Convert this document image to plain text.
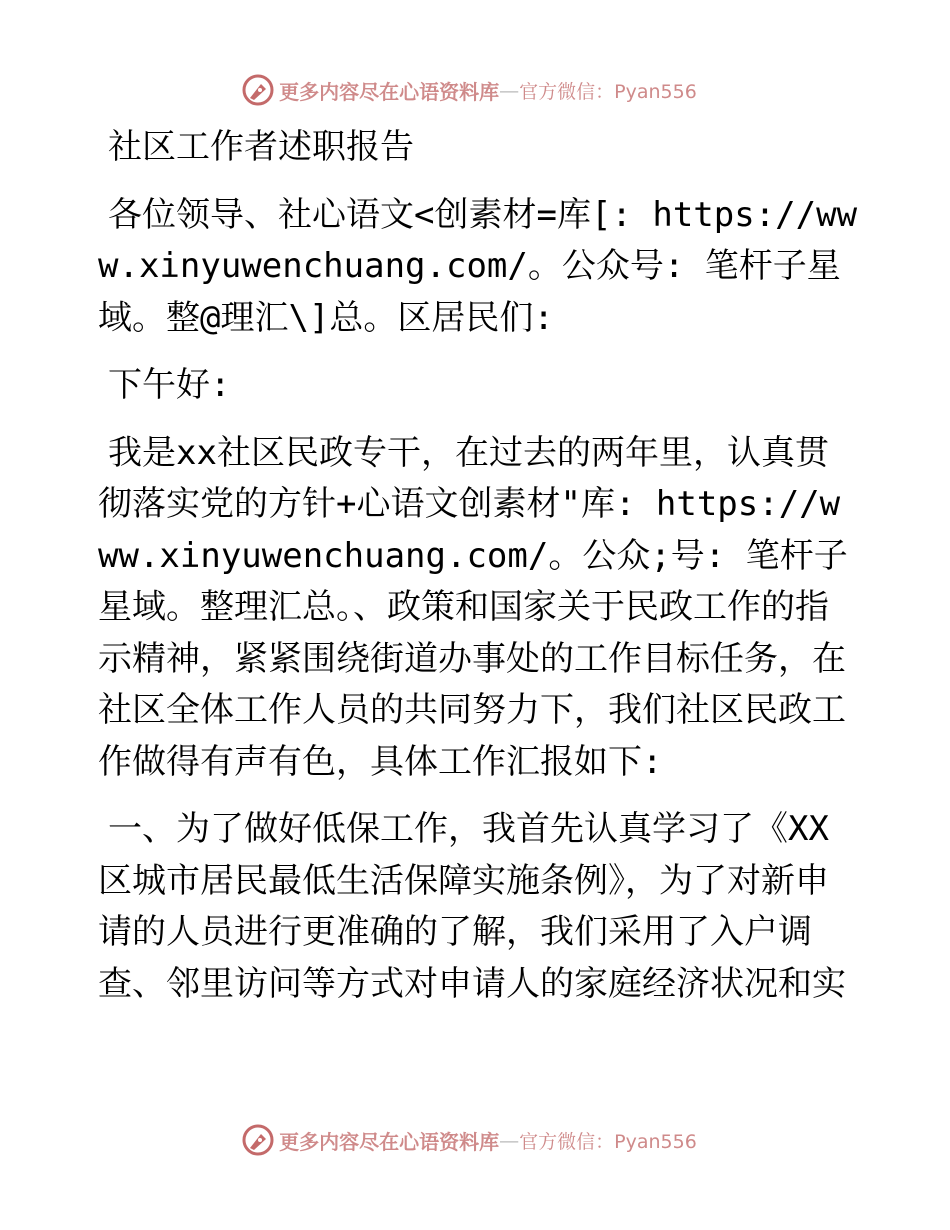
更多内容尽在心语资料库 — 官方微信：Pyan556
社区工作者述职报告
各位领导、社心语文<创素材=库[: https://www.xinyuwenchuang.com/。公众号: 笔杆子星域。整@理汇\]总。区居民们:
下午好:
我是xx社区民政专干，在过去的两年里，认真贯彻落实党的方针+心语文创素材"库: https://www.xinyuwenchuang.com/。公众;号: 笔杆子星域。整理汇总。、政策和国家关于民政工作的指示精神，紧紧围绕街道办事处的工作目标任务，在社区全体工作人员的共同努力下，我们社区民政工作做得有声有色，具体工作汇报如下:
一、为了做好低保工作，我首先认真学习了《XX区城市居民最低生活保障实施条例》，为了对新申请的人员进行更准确的了解，我们采用了入户调查、邻里访问等方式对申请人的家庭经济状况和实
更多内容尽在心语资料库 — 官方微信：Pyan556
